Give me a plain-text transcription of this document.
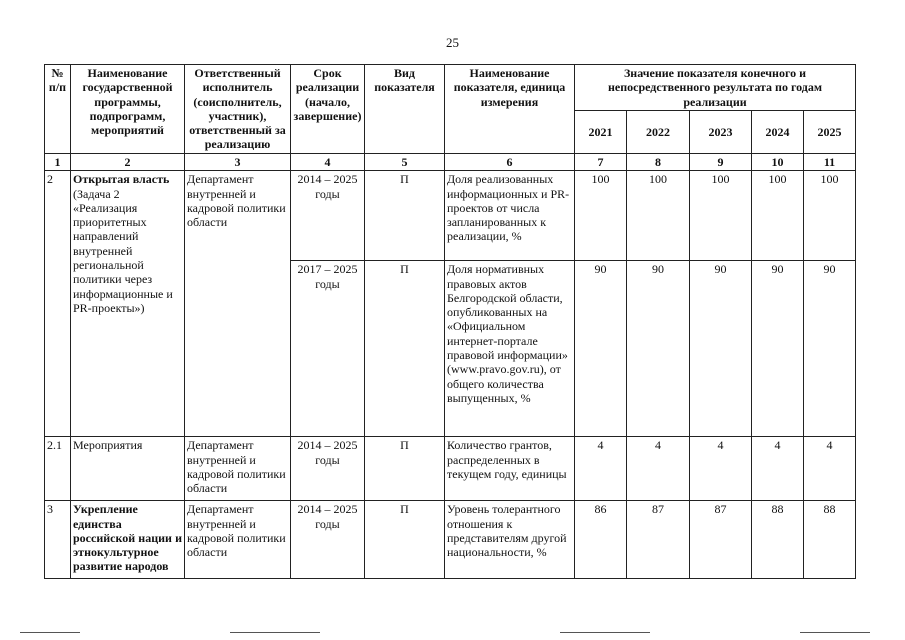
25
№ п/п	Наименование государственной программы, подпрограмм, мероприятий	Ответственный исполнитель (соисполнитель, участник), ответственный за реализацию	Срок реализации (начало, завершение)	Вид показателя	Наименование показателя, единица измерения	Значение показателя конечного и непосредственного результата по годам реализации				
						2021	2022	2023	2024	2025
1	2	3	4	5	6	7	8	9	10	11
2	Открытая власть (Задача 2 «Реализация приоритетных направлений внутренней региональной политики через информационные и PR-проекты»)	Департамент внутренней и кадровой политики области	2014 – 2025 годы	П	Доля реализованных информационных и PR-проектов от числа запланированных к реализации, %	100	100	100	100	100
			2017 – 2025 годы	П	Доля нормативных правовых актов Белгородской области, опубликованных на «Официальном интернет-портале правовой информации» (www.pravo.gov.ru), от общего количества выпущенных, %	90	90	90	90	90
2.1	Мероприятия	Департамент внутренней и кадровой политики области	2014 – 2025 годы	П	Количество грантов, распределенных в текущем году, единицы	4	4	4	4	4
3	Укрепление единства российской нации и этнокультурное развитие народов	Департамент внутренней и кадровой политики области	2014 – 2025 годы	П	Уровень толерантного отношения к представителям другой национальности, %	86	87	87	88	88
